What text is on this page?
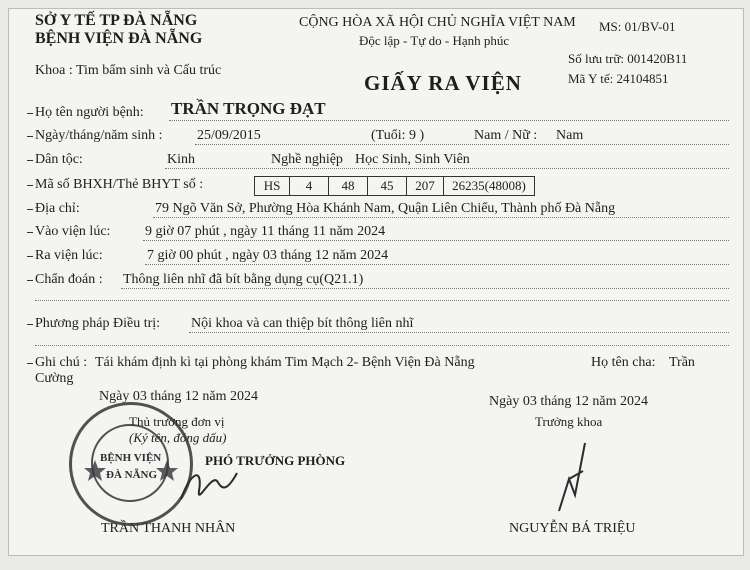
SỞ Y TẾ TP ĐÀ NẴNG
BỆNH VIỆN ĐÀ NẴNG
Khoa : Tim bẩm sinh và Cấu trúc
CỘNG HÒA XÃ HỘI CHỦ NGHĨA VIỆT NAM
Độc lập - Tự do - Hạnh phúc
GIẤY RA VIỆN
MS: 01/BV-01
Số lưu trữ: 001420B11
Mã Y tế: 24104851
Họ tên người bệnh: TRẦN TRỌNG ĐẠT
Ngày/tháng/năm sinh : 25/09/2015	(Tuổi: 9 )	Nam / Nữ : Nam
Dân tộc:	Kinh	Nghề nghiệp Học Sinh, Sinh Viên
Mã số BHXH/Thẻ BHYT số :	HS	4	48	45	207	26235(48008)
Địa chỉ:	79 Ngõ Văn Sở, Phường Hòa Khánh Nam, Quận Liên Chiểu, Thành phố Đà Nẵng
Vào viện lúc: 9 giờ 07 phút , ngày 11 tháng 11 năm 2024
Ra viện lúc:	7 giờ 00 phút , ngày 03 tháng 12 năm 2024
Chẩn đoán : Thông liên nhĩ đã bít bằng dụng cụ(Q21.1)
Phương pháp Điều trị: Nội khoa và can thiệp bít thông liên nhĩ
Ghi chú : Tái khám định kì tại phòng khám Tim Mạch 2- Bệnh Viện Đà Nẵng	Họ tên cha: Trần
Cường
Ngày 03 tháng 12 năm 2024
Thủ trưởng đơn vị
(Ký tên, đóng dấu)
PHÓ TRƯỞNG PHÒNG
TRẦN THANH NHÂN
BỆNH VIỆN
ĐÀ NẴNG
Ngày 03 tháng 12 năm 2024
Trưởng khoa
NGUYỄN BÁ TRIỆU
